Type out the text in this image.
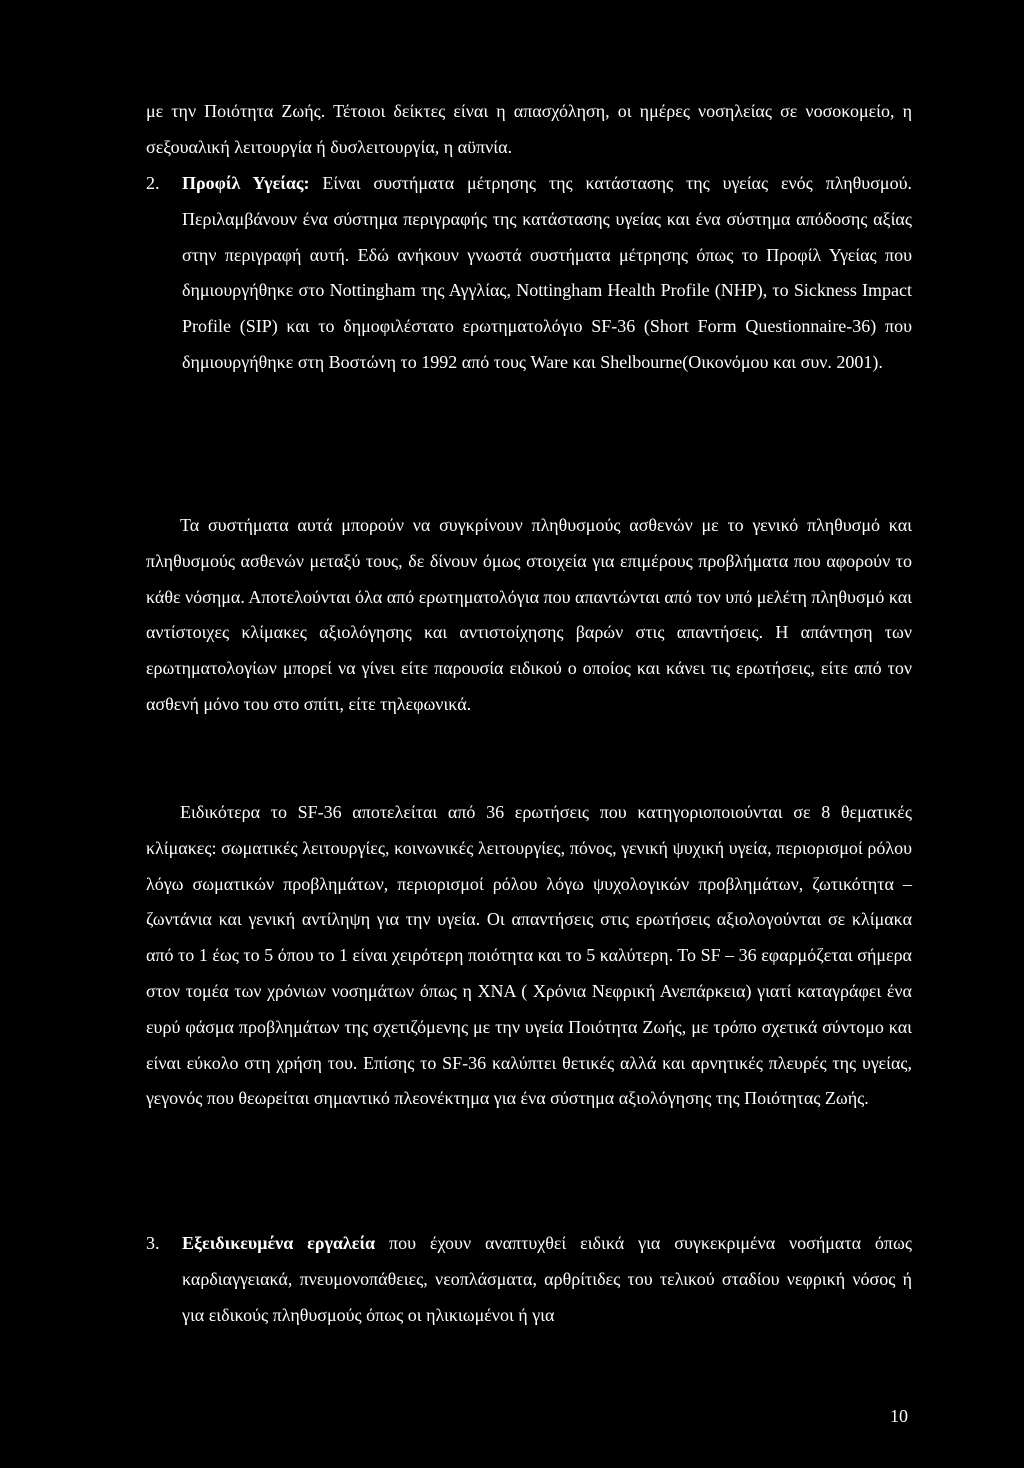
με την Ποιότητα Ζωής. Τέτοιοι δείκτες είναι η απασχόληση, οι ημέρες νοσηλείας σε νοσοκομείο, η σεξουαλική λειτουργία ή δυσλειτουργία, η αϋπνία.

2. Προφίλ Υγείας: Είναι συστήματα μέτρησης της κατάστασης της υγείας ενός πληθυσμού. Περιλαμβάνουν ένα σύστημα περιγραφής της κατάστασης υγείας και ένα σύστημα απόδοσης αξίας στην περιγραφή αυτή. Εδώ ανήκουν γνωστά συστήματα μέτρησης όπως το Προφίλ Υγείας που δημιουργήθηκε στο Nottingham της Αγγλίας, Nottingham Health Profile (NHP), το Sickness Impact Profile (SIP) και το δημοφιλέστατο ερωτηματολόγιο SF-36 (Short Form Questionnaire-36) που δημιουργήθηκε στη Βοστώνη το 1992 από τους Ware και Shelbourne(Οικονόμου και συν. 2001).

Τα συστήματα αυτά μπορούν να συγκρίνουν πληθυσμούς ασθενών με το γενικό πληθυσμό και πληθυσμούς ασθενών μεταξύ τους, δε δίνουν όμως στοιχεία για επιμέρους προβλήματα που αφορούν το κάθε νόσημα. Αποτελούνται όλα από ερωτηματολόγια που απαντώνται από τον υπό μελέτη πληθυσμό και αντίστοιχες κλίμακες αξιολόγησης και αντιστοίχησης βαρών στις απαντήσεις. Η απάντηση των ερωτηματολογίων μπορεί να γίνει είτε παρουσία ειδικού ο οποίος και κάνει τις ερωτήσεις, είτε από τον ασθενή μόνο του στο σπίτι, είτε τηλεφωνικά.

Ειδικότερα το SF-36 αποτελείται από 36 ερωτήσεις που κατηγοριοποιούνται σε 8 θεματικές κλίμακες: σωματικές λειτουργίες, κοινωνικές λειτουργίες, πόνος, γενική ψυχική υγεία, περιορισμοί ρόλου λόγω σωματικών προβλημάτων, περιορισμοί ρόλου λόγω ψυχολογικών προβλημάτων, ζωτικότητα – ζωντάνια και γενική αντίληψη για την υγεία. Οι απαντήσεις στις ερωτήσεις αξιολογούνται σε κλίμακα από το 1 έως το 5 όπου το 1 είναι χειρότερη ποιότητα και το 5 καλύτερη. Το SF – 36 εφαρμόζεται σήμερα στον τομέα των χρόνιων νοσημάτων όπως η ΧΝΑ ( Χρόνια Νεφρική Ανεπάρκεια) γιατί καταγράφει ένα ευρύ φάσμα προβλημάτων της σχετιζόμενης με την υγεία Ποιότητα Ζωής, με τρόπο σχετικά σύντομο και είναι εύκολο στη χρήση του. Επίσης το SF-36 καλύπτει θετικές αλλά και αρνητικές πλευρές της υγείας, γεγονός που θεωρείται σημαντικό πλεονέκτημα για ένα σύστημα αξιολόγησης της Ποιότητας Ζωής.

3. Εξειδικευμένα εργαλεία που έχουν αναπτυχθεί ειδικά για συγκεκριμένα νοσήματα όπως καρδιαγγειακά, πνευμονοπάθειες, νεοπλάσματα, αρθρίτιδες του τελικού σταδίου νεφρική νόσος ή για ειδικούς πληθυσμούς όπως οι ηλικιωμένοι ή για
10
